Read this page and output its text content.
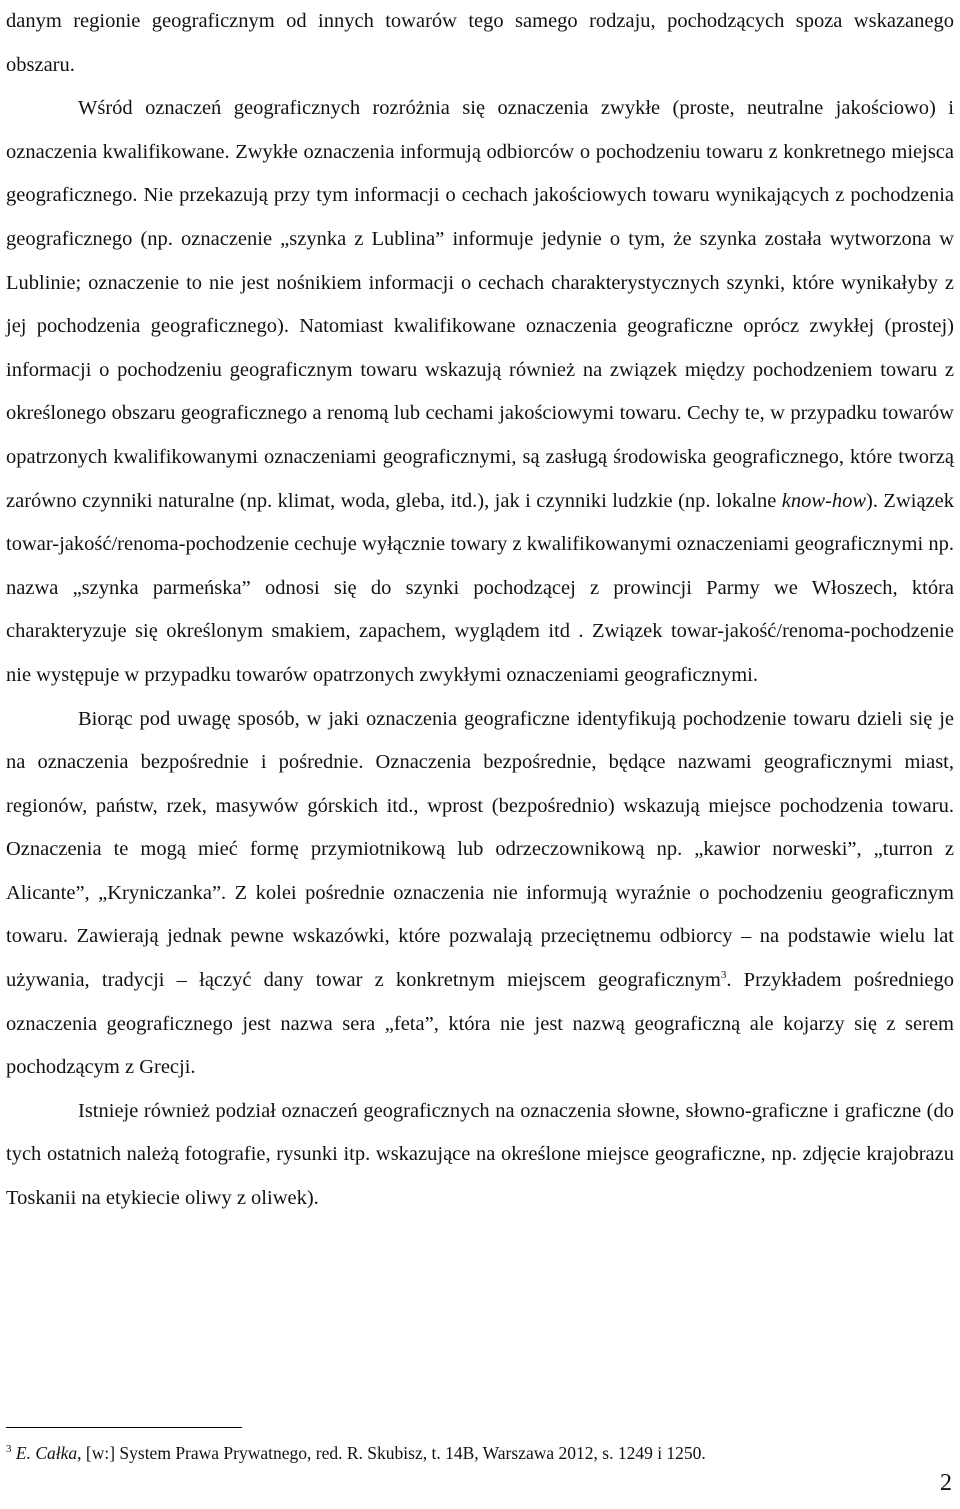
danym regionie geograficznym od innych towarów tego samego rodzaju, pochodzących spoza wskazanego obszaru.

Wśród oznaczeń geograficznych rozróżnia się oznaczenia zwykłe (proste, neutralne jakościowo) i oznaczenia kwalifikowane. Zwykłe oznaczenia informują odbiorców o pochodzeniu towaru z konkretnego miejsca geograficznego. Nie przekazują przy tym informacji o cechach jakościowych towaru wynikających z pochodzenia geograficznego (np. oznaczenie „szynka z Lublina” informuje jedynie o tym, że szynka została wytworzona w Lublinie; oznaczenie to nie jest nośnikiem informacji o cechach charakterystycznych szynki, które wynikałyby z jej pochodzenia geograficznego). Natomiast kwalifikowane oznaczenia geograficzne oprócz zwykłej (prostej) informacji o pochodzeniu geograficznym towaru wskazują również na związek między pochodzeniem towaru z określonego obszaru geograficznego a renomą lub cechami jakościowymi towaru. Cechy te, w przypadku towarów opatrzonych kwalifikowanymi oznaczeniami geograficznymi, są zasługą środowiska geograficznego, które tworzą zarówno czynniki naturalne (np. klimat, woda, gleba, itd.), jak i czynniki ludzkie (np. lokalne know-how). Związek towar-jakość/renoma-pochodzenie cechuje wyłącznie towary z kwalifikowanymi oznaczeniami geograficznymi np. nazwa „szynka parmeńska” odnosi się do szynki pochodzącej z prowincji Parmy we Włoszech, która charakteryzuje się określonym smakiem, zapachem, wyglądem itd . Związek towar-jakość/renoma-pochodzenie nie występuje w przypadku towarów opatrzonych zwykłymi oznaczeniami geograficznymi.

Biorąc pod uwagę sposób, w jaki oznaczenia geograficzne identyfikują pochodzenie towaru dzieli się je na oznaczenia bezpośrednie i pośrednie. Oznaczenia bezpośrednie, będące nazwami geograficznymi miast, regionów, państw, rzek, masywów górskich itd., wprost (bezpośrednio) wskazują miejsce pochodzenia towaru. Oznaczenia te mogą mieć formę przymiotnikową lub odrzeczownikową np. „kawior norweski”, „turron z Alicante”, „Kryniczanka”. Z kolei pośrednie oznaczenia nie informują wyraźnie o pochodzeniu geograficznym towaru. Zawierają jednak pewne wskazówki, które pozwalają przeciętnemu odbiorcy – na podstawie wielu lat używania, tradycji – łączyć dany towar z konkretnym miejscem geograficznym$^3$. Przykładem pośredniego oznaczenia geograficznego jest nazwa sera „feta”, która nie jest nazwą geograficzną ale kojarzy się z serem pochodzącym z Grecji.

Istnieje również podział oznaczeń geograficznych na oznaczenia słowne, słowno-graficzne i graficzne (do tych ostatnich należą fotografie, rysunki itp. wskazujące na określone miejsce geograficzne, np. zdjęcie krajobrazu Toskanii na etykiecie oliwy z oliwek).

$^3$ E. Całka, [w:] System Prawa Prywatnego, red. R. Skubisz, t. 14B, Warszawa 2012, s. 1249 i 1250.
2
